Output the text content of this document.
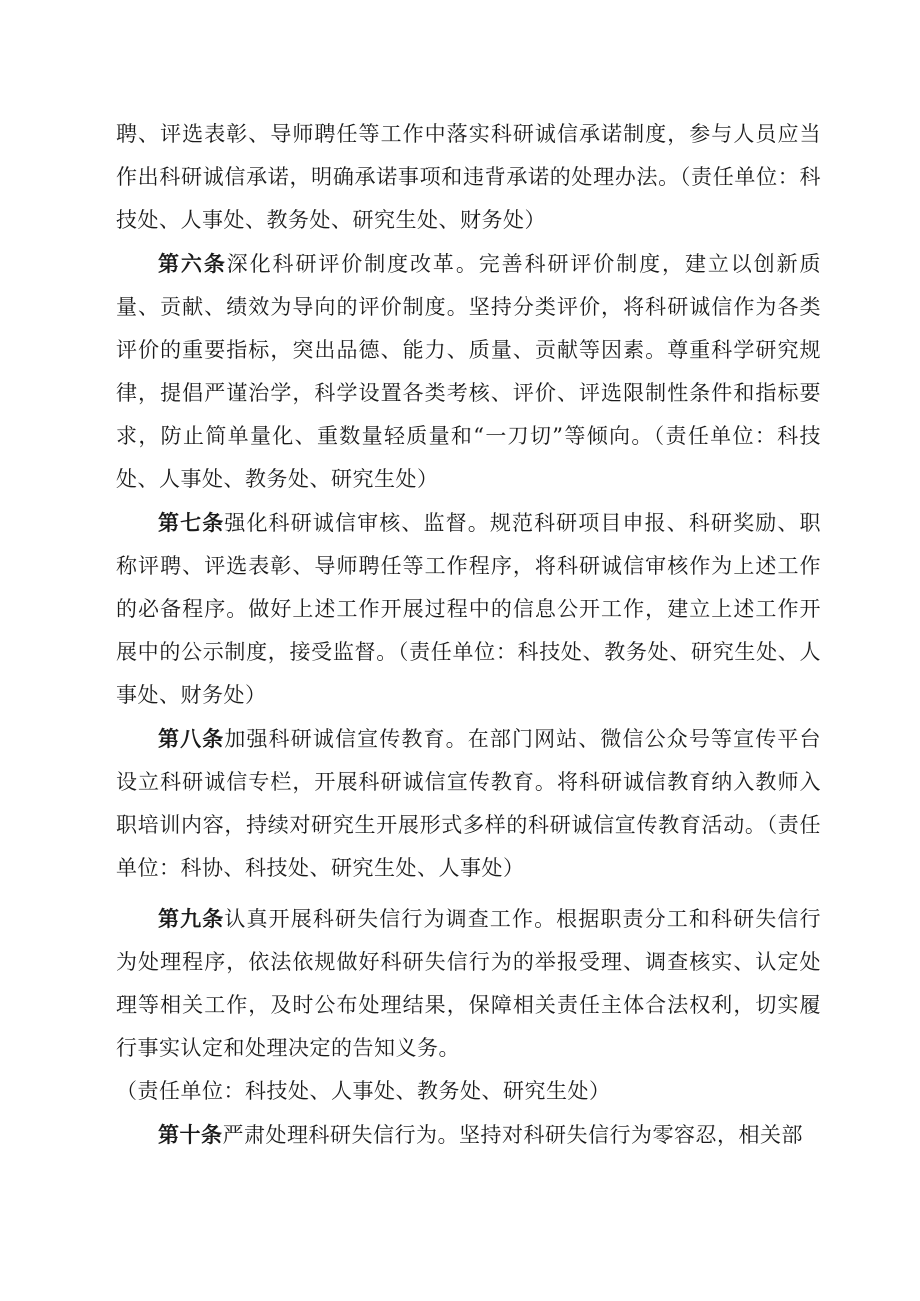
聘、评选表彰、导师聘任等工作中落实科研诚信承诺制度，参与人员应当作出科研诚信承诺，明确承诺事项和违背承诺的处理办法。（责任单位：科技处、人事处、教务处、研究生处、财务处）

第六条深化科研评价制度改革。完善科研评价制度，建立以创新质量、贡献、绩效为导向的评价制度。坚持分类评价，将科研诚信作为各类评价的重要指标，突出品德、能力、质量、贡献等因素。尊重科学研究规律，提倡严谨治学，科学设置各类考核、评价、评选限制性条件和指标要求，防止简单量化、重数量轻质量和“一刀切”等倾向。（责任单位：科技处、人事处、教务处、研究生处）

第七条强化科研诚信审核、监督。规范科研项目申报、科研奖励、职称评聘、评选表彰、导师聘任等工作程序，将科研诚信审核作为上述工作的必备程序。做好上述工作开展过程中的信息公开工作，建立上述工作开展中的公示制度，接受监督。（责任单位：科技处、教务处、研究生处、人事处、财务处）

第八条加强科研诚信宣传教育。在部门网站、微信公众号等宣传平台设立科研诚信专栏，开展科研诚信宣传教育。将科研诚信教育纳入教师入职培训内容，持续对研究生开展形式多样的科研诚信宣传教育活动。（责任单位：科协、科技处、研究生处、人事处）

第九条认真开展科研失信行为调查工作。根据职责分工和科研失信行为处理程序，依法依规做好科研失信行为的举报受理、调查核实、认定处理等相关工作，及时公布处理结果，保障相关责任主体合法权利，切实履行事实认定和处理决定的告知义务。

（责任单位：科技处、人事处、教务处、研究生处）

第十条严肃处理科研失信行为。坚持对科研失信行为零容忍，相关部
